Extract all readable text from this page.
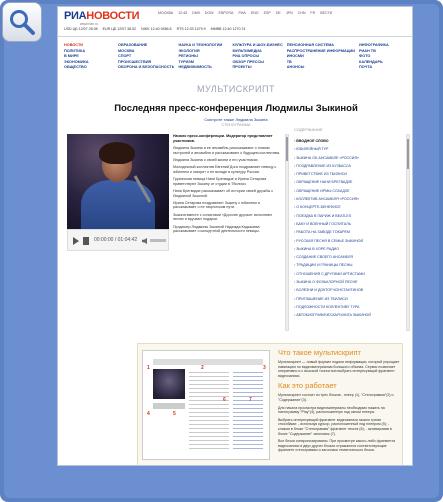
РИАНОВОСТИ
www.rian.ru
МОСКВА 12:45 DM9 DOW ЕВРОПА РИА ENG ESP DE JPN CHN FR ВЕСТИ
USD ЦБ 12/07 28.98 EUR ЦБ 12/07 38.52 NIKK 12:40 9456.8 RTS 12:33 1479.9 MMBB 12:40 1270.74
НОВОСТИ
ПОЛИТИКА
В МИРЕ
ЭКОНОМИКА
ОБЩЕСТВО
ОБРАЗОВАНИЕ
МОСКВА
СПОРТ
ПРОИСШЕСТВИЯ
ОБОРОНА И БЕЗОПАСНОСТЬ
НАУКА И ТЕХНОЛОГИИ
ЭКОЛОГИЯ
РЕГИОНЫ
ТУРИЗМ
НЕДВИЖИМОСТЬ
КУЛЬТУРА И ШОУ-БИЗНЕС
МУЛЬТИМЕДИА
РИА ОПРОСЫ
ОБЗОР ПРЕССЫ
ПРОЕКТЫ
ПЕНСИОННАЯ СИСТЕМА
РАСПРОСТРАНЕНИЕ ИНФОРМАЦИИ
ИНОСМИ
ТВ
АНОНСЫ
ИНФОГРАФИКА
РИАН ТВ
ФОТО
КАЛЕНДАРЬ
ПОЧТА
МУЛЬТИСКРИПТ
Последняя пресс-конференция Людмилы Зыкиной
Смотрите также Людмила Зыкина
СТЕНОГРАММА
00:00:00 / 01:04:42

Начало пресс-конференции. Модератор представляет участников.

Людмила Зыкина и ее ансамбль рассказывают о планах гастролей и ансамбля и рассказывают о будущем коллектива.

Людмила Зыкина о своей жизни и его участниках.

Молодежный коллектив Евгений Дога поздравляет певицу с юбилеем и говорит о ее вкладе в культуру России.

Грузинская певица Нани Брегвадзе и Ирина Сетарова приветствуют Зыкину от студии в Тбилиси.

Нани Брегвадзе рассказывает об истории своей дружбы с Людмилой Зыкиной.

Ирина Сетарова поздравляет Зыкину с юбилеем и рассказывает о ее творческом пути.

Зыкина вместе с солистами «Дорогие друзья» исполняют песню и вручают подарки.

Продюсер Людмилы Зыкиной Надежда Кадышева рассказывает о концертной деятельности певицы.

СОДЕРЖАНИЕ
• ВВОДНОЕ СЛОВО
• ЮБИЛЕЙНЫЙ ТУР
• ЗЫКИНА ОБ АНСАМБЛЕ «РОССИЯ»
• ПОЗДРАВЛЕНИЕ ИЗ КУЗБАССА
• ПРИВЕТСТВИЕ ИЗ ТБИЛИСИ
• ОБРАЩЕНИЕ НАНИ БРЕГВАДЗЕ
• ОБРАЩЕНИЕ ИРМЫ СОХАДЗЕ
• КОЛЛЕКТИВ АНСАМБЛЯ «РОССИЯ»
• О КОНЦЕРТЕ-БЕНЕФИСЕ
• ПОЕЗДКА В ПАРИЖ И BEATLES
• БАКУ И ВОЕННЫЙ ГОСПИТАЛЬ
• РАБОТА НА ЗАВОДЕ ТОКАРЕМ
• РУССКАЯ ПЕСНЯ В СЕМЬЕ ЗЫКИНОЙ
• ЗЫКИНА В ХОРЕ РАДИО
• СОЗДАНИЕ СВОЕГО АНСАМБЛЯ
• ТРАДИЦИИ И ГРАНИЦЫ ПЕСНЫ
• ОТНОШЕНИЯ С ДРУГИМИ АРТИСТАМИ
• ЗЫКИНА О ФОЛЬКЛОРНОЙ ПЕСНЕ
• БОЛЕЗНИ И ДОКТОР КОНСТАНТИНОВ
• ПРИГЛАШЕНИЕ ИЗ ТБИЛИСИ
• ПОДЛОЖНОСТИ КОЛЛЕКТИВУ ТУРА
• АВТОБИОГРАФИЧЕСКАЯ КНИГА ЗЫКИНОЙ
1	2	3
4	5
6	7
Что такое мультискрипт
Мультискрипт — новый формат подачи информации, который упрощает навигацию по видеоматериалам большого объема. Сервис позволяет оперативно и с высокой точностью выбрать интересующий фрагмент видеозаписи.
Как это работает
Мультискрипт состоит из трех блоков - плеер (1), "Стенограмма"(2) и "Содержание"(3).
Для начала просмотра видеоматериалы необходимо нажать на пиктограмму "Play"(4), расположенную под окном плеера.
Выбрать интересующий фрагмент видеозаписи можно тремя способами: - используя курсор, расположенный под плеером (5); - кликом в блоке "Стенограмма" фрагмент текста (6); - активировав в блоке "Содержание" заголовок (7).
Все блоки синхронизированы. При просмотре какого-либо фрагмента видеозаписи в двух других блоках отражаются соответствующие фрагмент стенограммы и заголовок тематического блока.
